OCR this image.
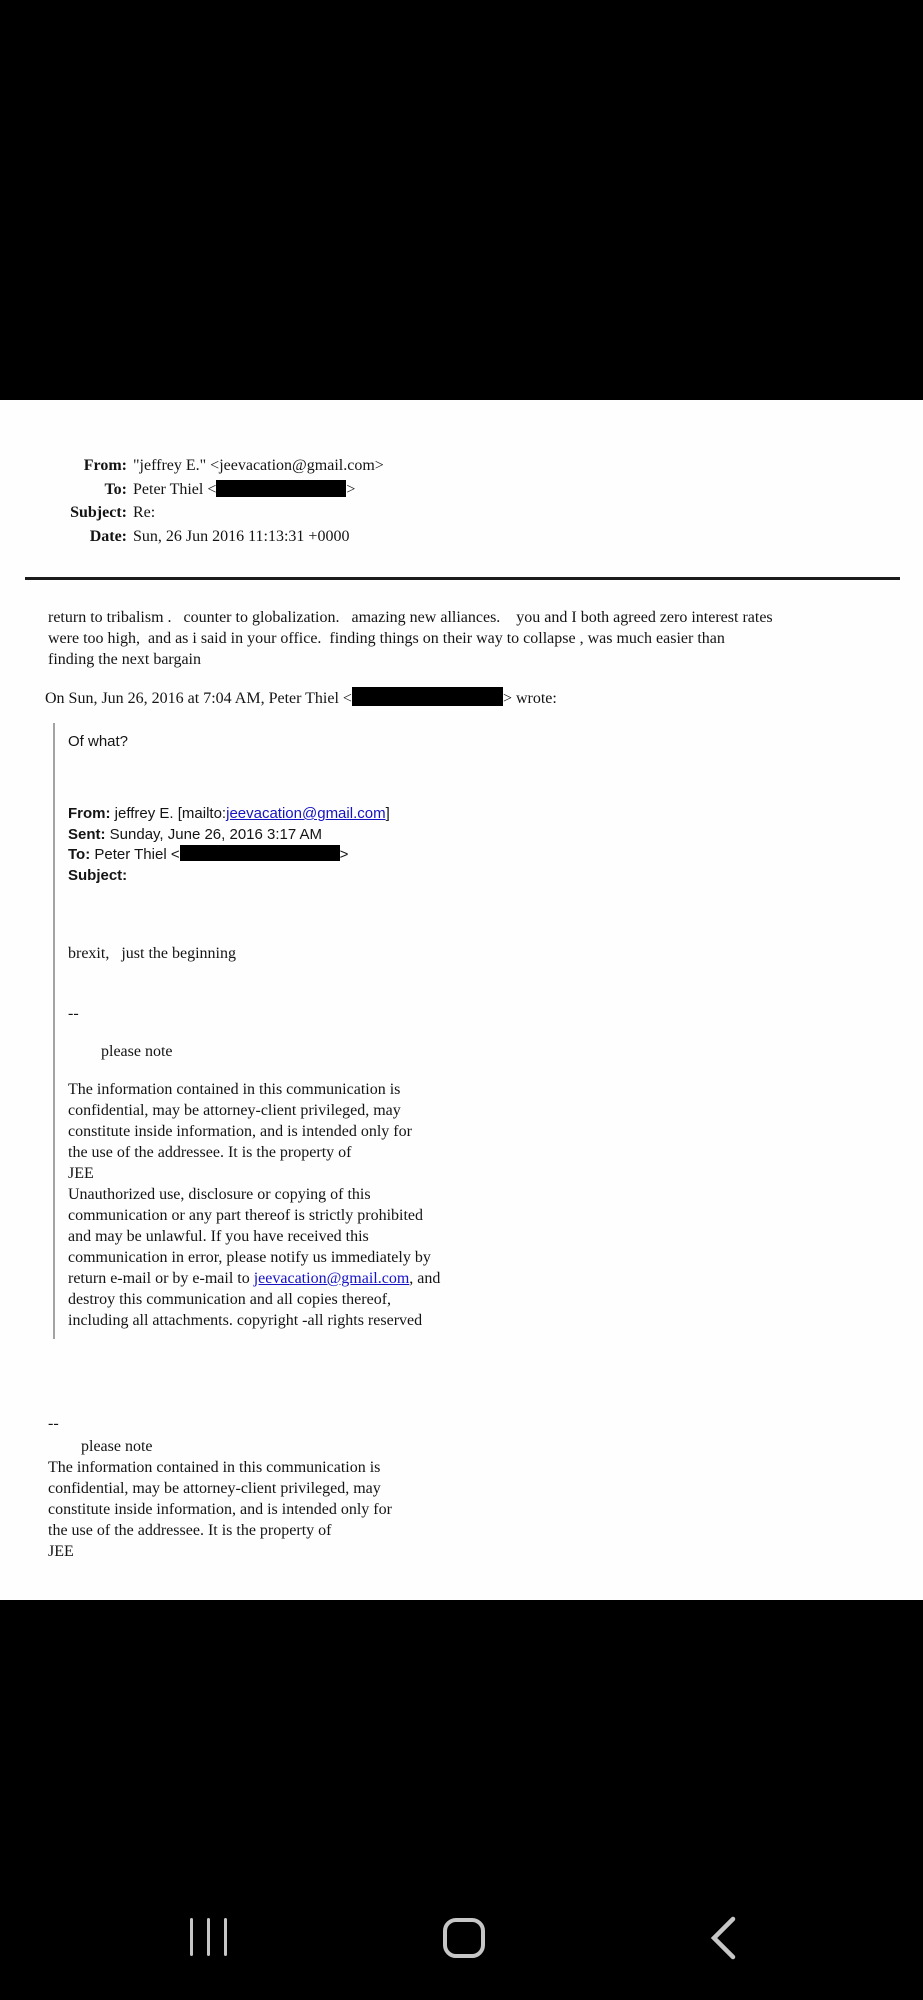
From: "jeffrey E." <jeevacation@gmail.com>
To: Peter Thiel <	>
Subject: Re:
Date: Sun, 26 Jun 2016 11:13:31 +0000
return to tribalism .   counter to globalization.   amazing new alliances.    you and I both agreed zero interest rates
were too high,  and as i said in your office.  finding things on their way to collapse , was much easier than
finding the next bargain
On Sun, Jun 26, 2016 at 7:04 AM, Peter Thiel <	> wrote:
Of what?
From: jeffrey E. [mailto:jeevacation@gmail.com]
Sent: Sunday, June 26, 2016 3:17 AM
To: Peter Thiel <	>
Subject:
brexit,   just the beginning
--
please note
The information contained in this communication is
confidential, may be attorney-client privileged, may
constitute inside information, and is intended only for
the use of the addressee. It is the property of
JEE
Unauthorized use, disclosure or copying of this
communication or any part thereof is strictly prohibited
and may be unlawful. If you have received this
communication in error, please notify us immediately by
return e-mail or by e-mail to jeevacation@gmail.com, and
destroy this communication and all copies thereof,
including all attachments. copyright -all rights reserved
--
please note
The information contained in this communication is
confidential, may be attorney-client privileged, may
constitute inside information, and is intended only for
the use of the addressee. It is the property of
JEE
